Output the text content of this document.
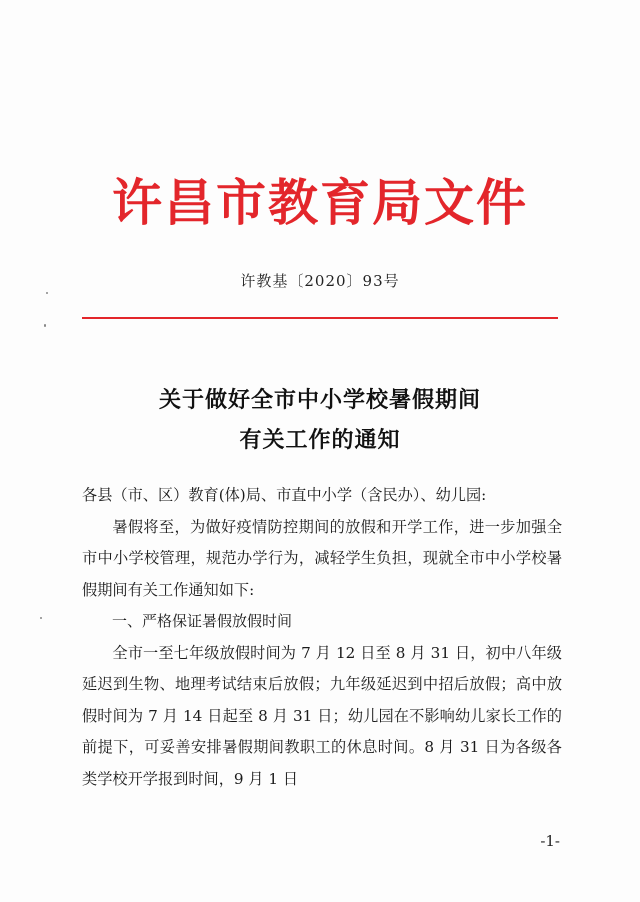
许昌市教育局文件
许教基〔2020〕93号
关于做好全市中小学校暑假期间
有关工作的通知

各县（市、区）教育(体)局、市直中小学（含民办）、幼儿园:

暑假将至，为做好疫情防控期间的放假和开学工作，进一步加强全市中小学校管理，规范办学行为，减轻学生负担，现就全市中小学校暑假期间有关工作通知如下:

一、严格保证暑假放假时间

全市一至七年级放假时间为 7 月 12 日至 8 月 31 日，初中八年级延迟到生物、地理考试结束后放假；九年级延迟到中招后放假；高中放假时间为 7 月 14 日起至 8 月 31 日；幼儿园在不影响幼儿家长工作的前提下，可妥善安排暑假期间教职工的休息时间。8 月 31 日为各级各类学校开学报到时间，9 月 1 日

-1-
